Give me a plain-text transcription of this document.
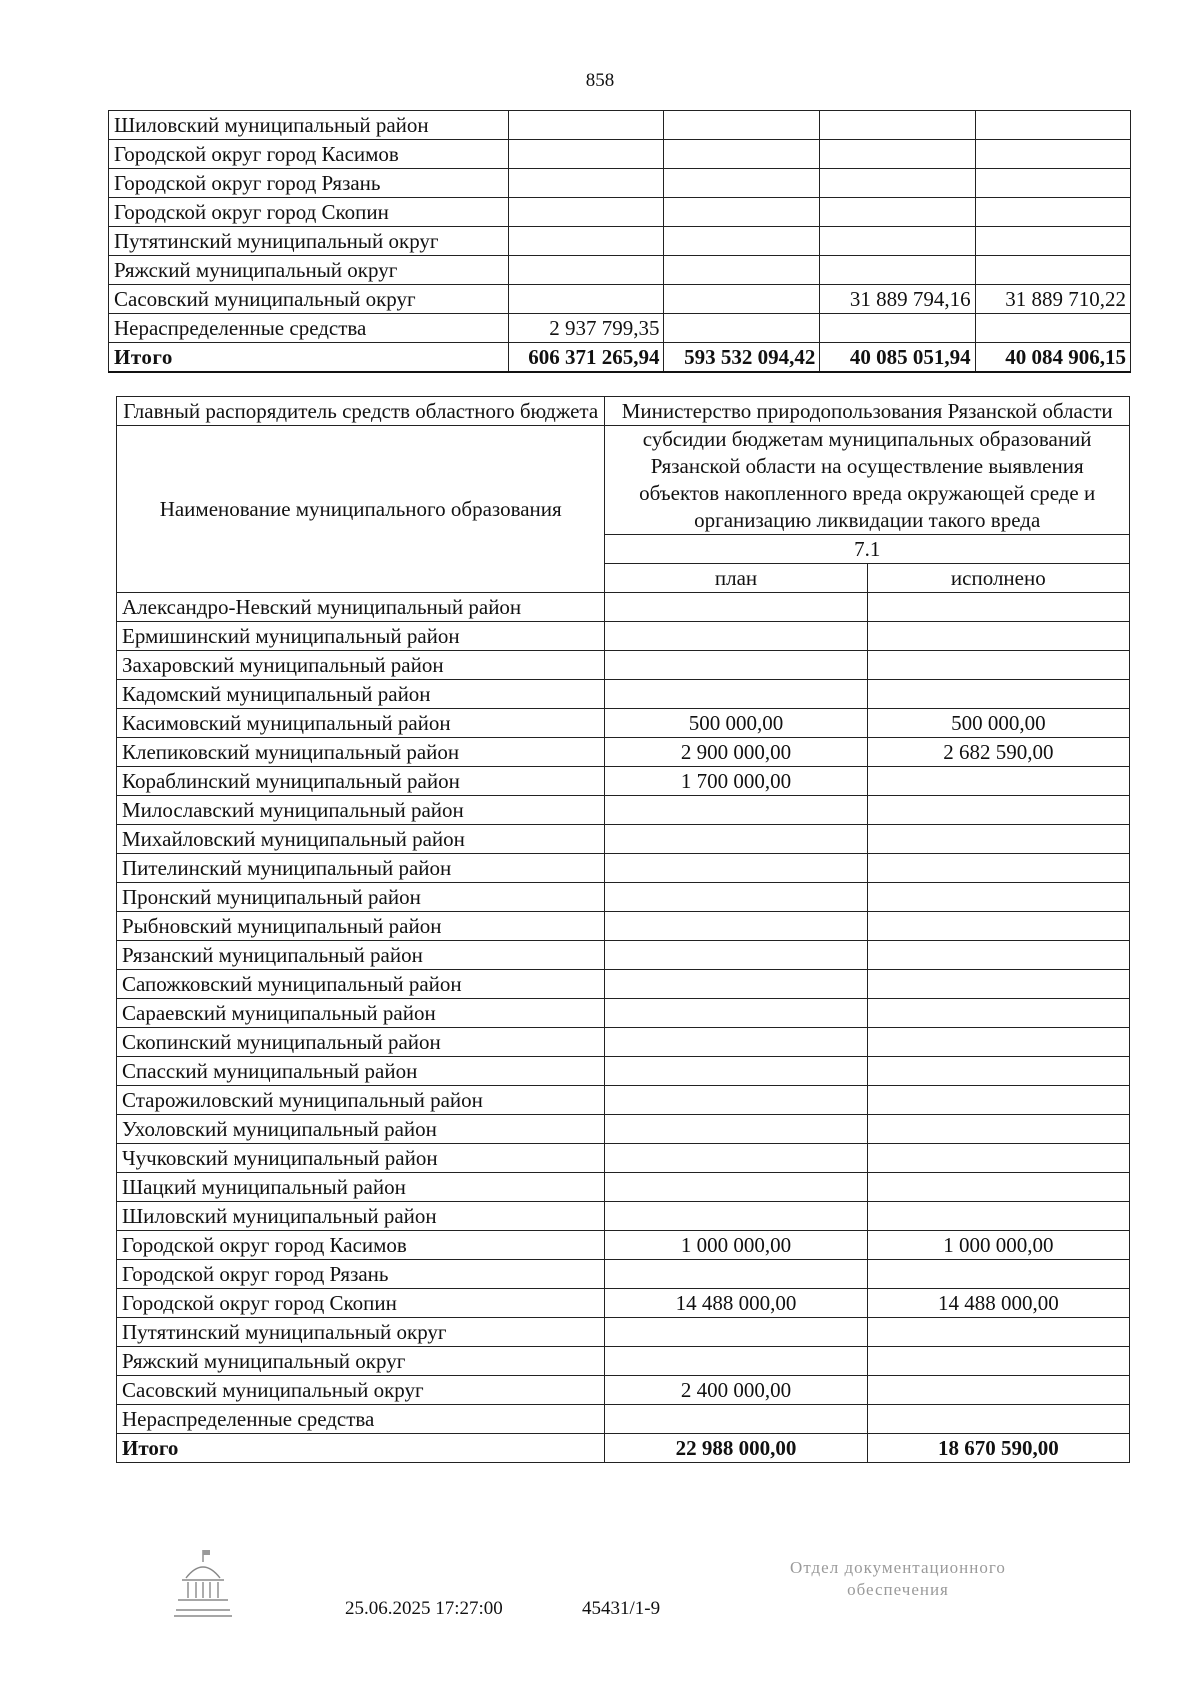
858
Шиловский муниципальный район				
Городской округ город Касимов				
Городской округ город Рязань				
Городской округ город Скопин				
Путятинский муниципальный округ				
Ряжский муниципальный округ				
Сасовский муниципальный округ			31 889 794,16	31 889 710,22
Нераспределенные средства	2 937 799,35			
Итого	606 371 265,94	593 532 094,42	40 085 051,94	40 084 906,15
Главный распорядитель средств областного бюджета	Министерство природопользования Рязанской области	
Наименование муниципального образования	субсидии бюджетам муниципальных образований Рязанской области на осуществление выявления объектов накопленного вреда окружающей среде и организацию ликвидации такого вреда	
	7.1	
	план	исполнено
Александро-Невский муниципальный район		
Ермишинский муниципальный район		
Захаровский муниципальный район		
Кадомский муниципальный район		
Касимовский муниципальный район	500 000,00	500 000,00
Клепиковский муниципальный район	2 900 000,00	2 682 590,00
Кораблинский муниципальный район	1 700 000,00	
Милославский муниципальный район		
Михайловский муниципальный район		
Пителинский муниципальный район		
Пронский муниципальный район		
Рыбновский муниципальный район		
Рязанский муниципальный район		
Сапожковский муниципальный район		
Сараевский муниципальный район		
Скопинский муниципальный район		
Спасский муниципальный район		
Старожиловский муниципальный район		
Ухоловский муниципальный район		
Чучковский муниципальный район		
Шацкий муниципальный район		
Шиловский муниципальный район		
Городской округ город Касимов	1 000 000,00	1 000 000,00
Городской округ город Рязань		
Городской округ город Скопин	14 488 000,00	14 488 000,00
Путятинский муниципальный округ		
Ряжский муниципальный округ		
Сасовский муниципальный округ	2 400 000,00	
Нераспределенные средства		
Итого	22 988 000,00	18 670 590,00
25.06.2025 17:27:00	45431/1-9
Отдел документационного
обеспечения
